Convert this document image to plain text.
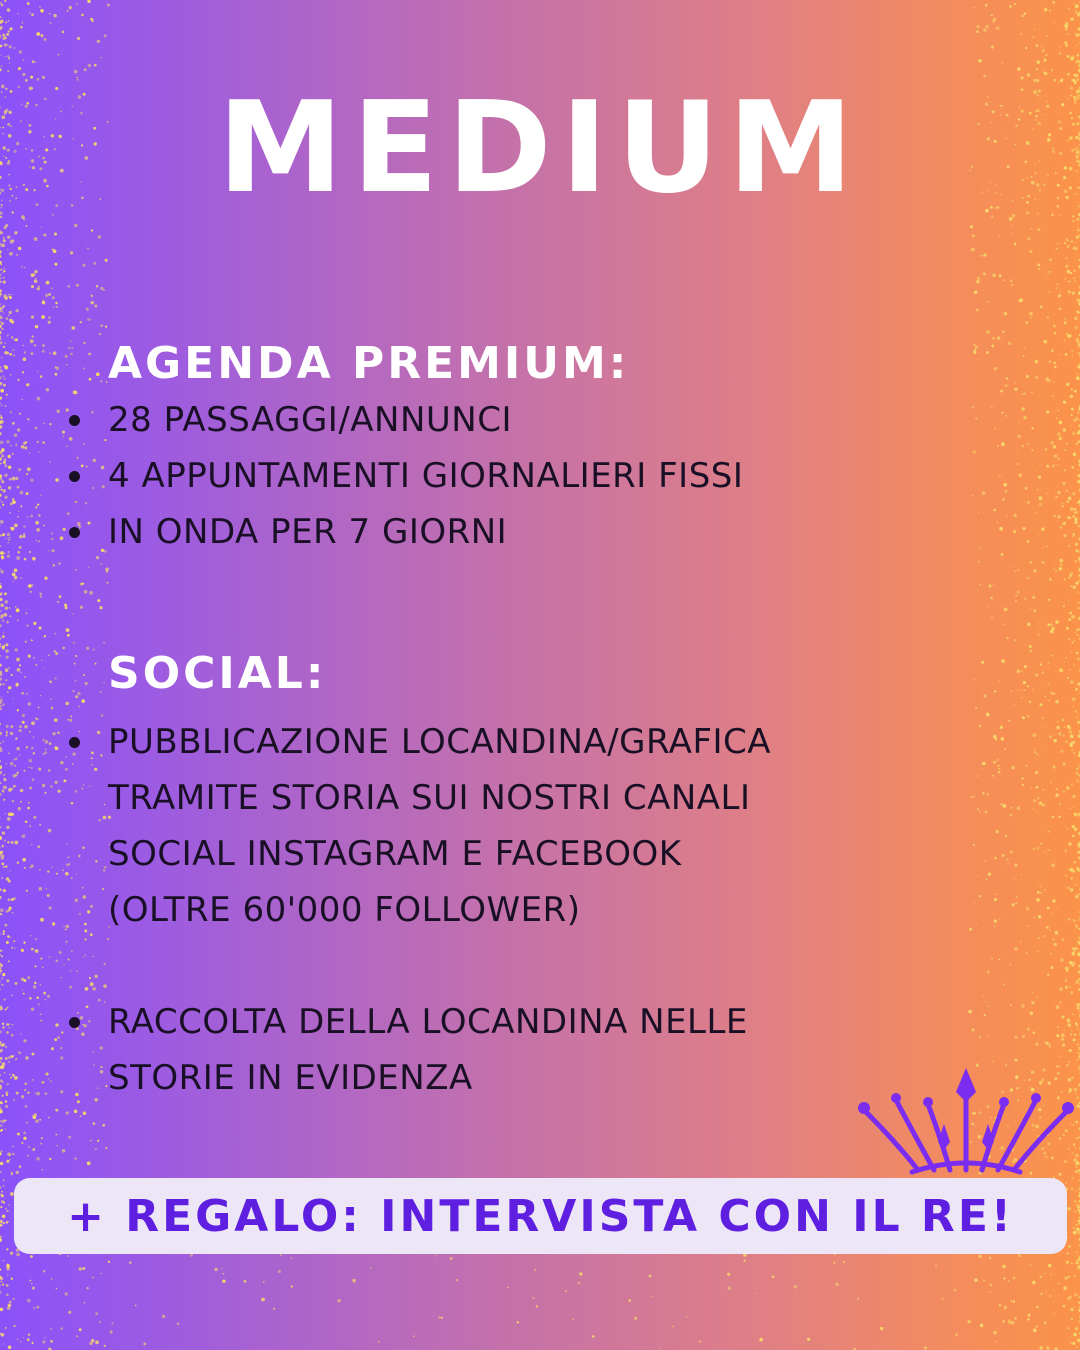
MEDIUM
AGENDA PREMIUM:
28 PASSAGGI/ANNUNCI
4 APPUNTAMENTI GIORNALIERI FISSI
IN ONDA PER 7 GIORNI
SOCIAL:
PUBBLICAZIONE LOCANDINA/GRAFICA
TRAMITE STORIA SUI NOSTRI CANALI
SOCIAL INSTAGRAM E FACEBOOK
(OLTRE 60'000 FOLLOWER)
RACCOLTA DELLA LOCANDINA NELLE
STORIE IN EVIDENZA
+ REGALO: INTERVISTA CON IL RE!
